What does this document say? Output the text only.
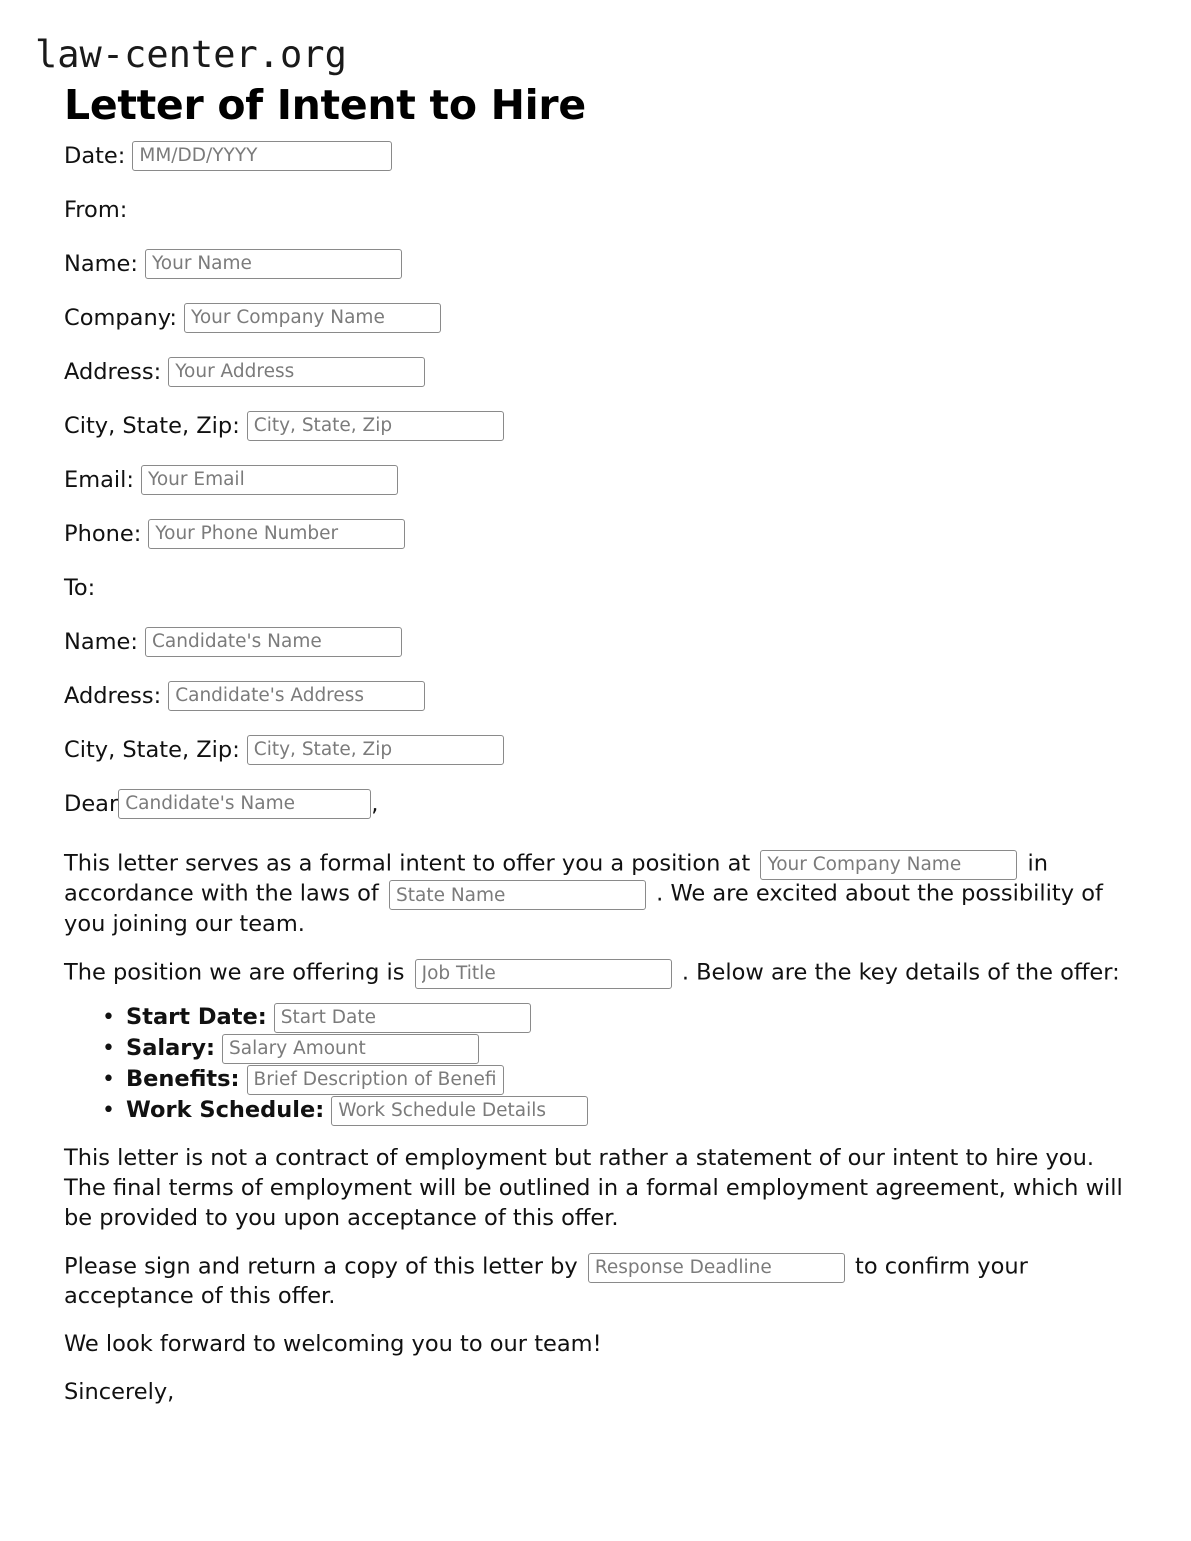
law-center.org
Letter of Intent to Hire
Date:
MM/DD/YYYY
From:
Name:
Your Name
Company:
Your Company Name
Address:
Your Address
City, State, Zip:
City, State, Zip
Email:
Your Email
Phone:
Your Phone Number
To:
Name:
Candidate's Name
Address:
Candidate's Address
City, State, Zip:
City, State, Zip
Dear
Candidate's Name	,

This letter serves as a formal intent to offer you a position at Your Company Name	in accordance with the laws of State Name	. We are excited about the possibility of you joining our team.

The position we are offering is Job Title	. Below are the key details of the offer:

• Start Date:
Start Date
• Salary:
Salary Amount
• Benefits:
Brief Description of Benefits
• Work Schedule:
Work Schedule Details

This letter is not a contract of employment but rather a statement of our intent to hire you. The final terms of employment will be outlined in a formal employment agreement, which will be provided to you upon acceptance of this offer.

Please sign and return a copy of this letter by Response Deadline	to confirm your acceptance of this offer.

We look forward to welcoming you to our team!

Sincerely,
